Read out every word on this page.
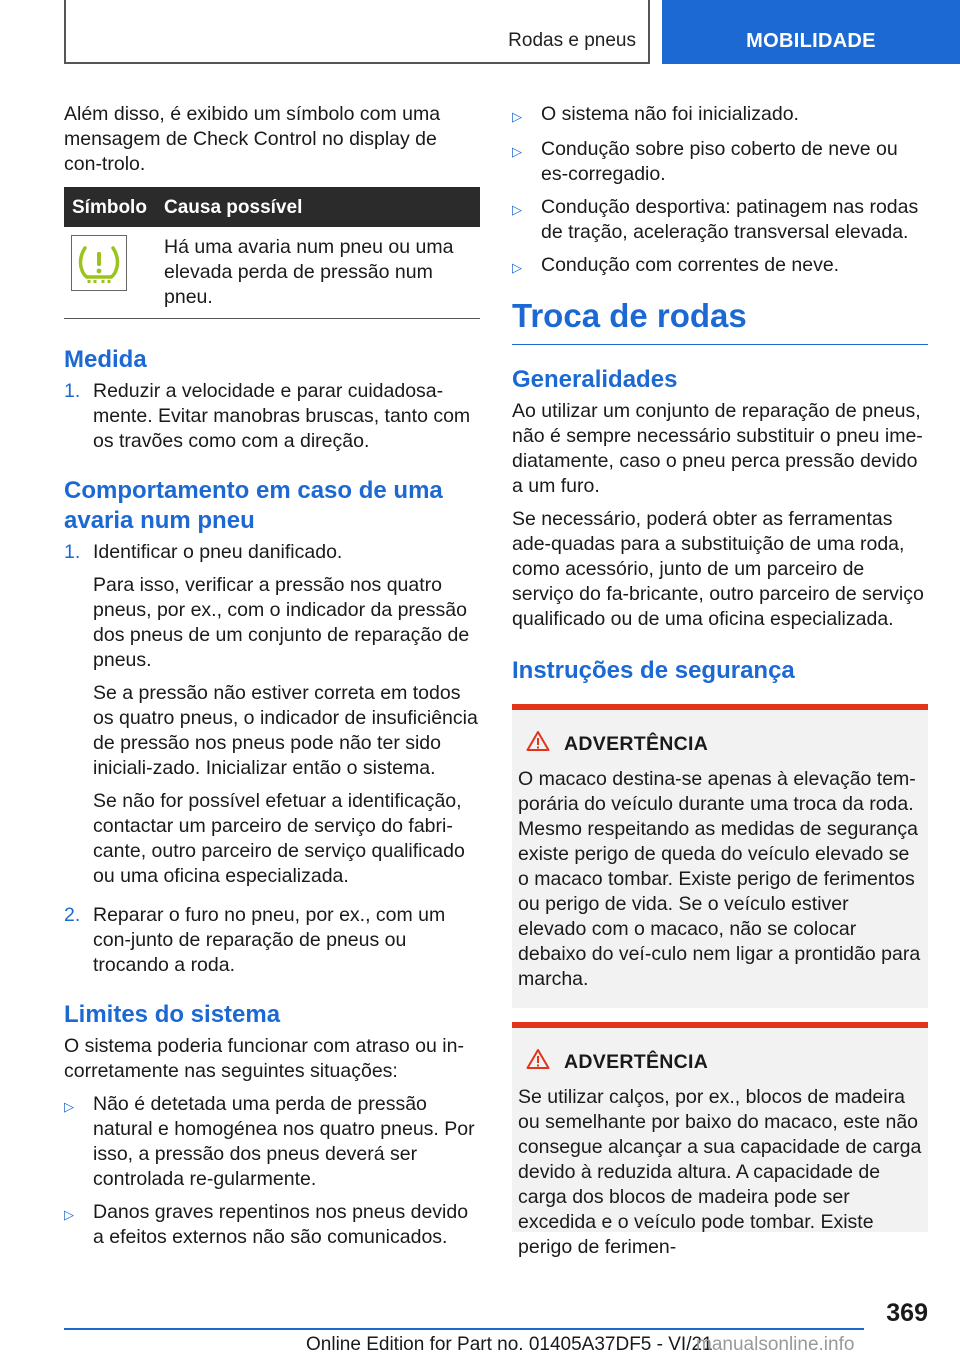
Rodas e pneus	MOBILIDADE

Além disso, é exibido um símbolo com uma mensagem de Check Control no display de con-trolo.

Símbolo	Causa possível

	Há uma avaria num pneu ou uma elevada perda de pressão num pneu.
Medida
1. Reduzir a velocidade e parar cuidadosa-mente. Evitar manobras bruscas, tanto com os travões como com a direção.
Comportamento em caso de uma avaria num pneu
1. Identificar o pneu danificado.

Para isso, verificar a pressão nos quatro pneus, por ex., com o indicador da pressão dos pneus de um conjunto de reparação de pneus.

Se a pressão não estiver correta em todos os quatro pneus, o indicador de insuficiência de pressão nos pneus pode não ter sido iniciali-zado. Inicializar então o sistema.

Se não for possível efetuar a identificação, contactar um parceiro de serviço do fabri-cante, outro parceiro de serviço qualificado ou uma oficina especializada.

2. Reparar o furo no pneu, por ex., com um con-junto de reparação de pneus ou trocando a roda.
Limites do sistema

O sistema poderia funcionar com atraso ou in-corretamente nas seguintes situações:

▷ Não é detetada uma perda de pressão natural e homogénea nos quatro pneus. Por isso, a pressão dos pneus deverá ser controlada re-gularmente.
▷ Danos graves repentinos nos pneus devido a efeitos externos não são comunicados.
▷ O sistema não foi inicializado.
▷ Condução sobre piso coberto de neve ou es-corregadio.
▷ Condução desportiva: patinagem nas rodas de tração, aceleração transversal elevada.
▷ Condução com correntes de neve.
Troca de rodas
Generalidades

Ao utilizar um conjunto de reparação de pneus, não é sempre necessário substituir o pneu ime-diatamente, caso o pneu perca pressão devido a um furo.

Se necessário, poderá obter as ferramentas ade-quadas para a substituição de uma roda, como acessório, junto de um parceiro de serviço do fa-bricante, outro parceiro de serviço qualificado ou de uma oficina especializada.

Instruções de segurança
ADVERTÊNCIA
O macaco destina-se apenas à elevação tem-porária do veículo durante uma troca da roda. Mesmo respeitando as medidas de segurança existe perigo de queda do veículo elevado se o macaco tombar. Existe perigo de ferimentos ou perigo de vida. Se o veículo estiver elevado com o macaco, não se colocar debaixo do veí-culo nem ligar a prontidão para marcha.
ADVERTÊNCIA
Se utilizar calços, por ex., blocos de madeira ou semelhante por baixo do macaco, este não consegue alcançar a sua capacidade de carga devido à reduzida altura. A capacidade de carga dos blocos de madeira pode ser excedida e o veículo pode tombar. Existe perigo de ferimen-
369
Online Edition for Part no. 01405A37DF5 - VI/21
manualsonline.info
